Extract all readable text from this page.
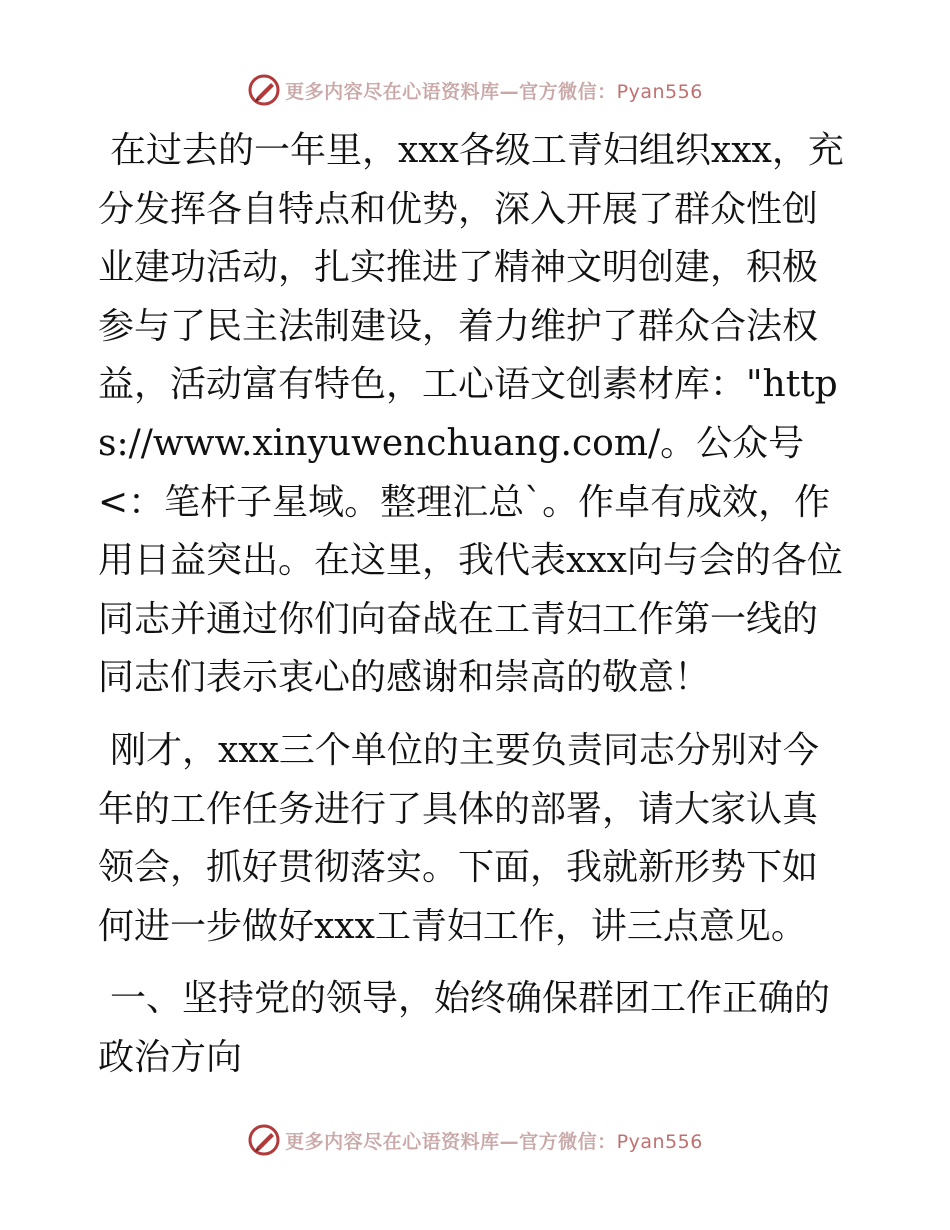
更多内容尽在心语资料库—官方微信：Pyan556

在过去的一年里，xxx各级工青妇组织xxx，充分发挥各自特点和优势，深入开展了群众性创业建功活动，扎实推进了精神文明创建，积极参与了民主法制建设，着力维护了群众合法权益，活动富有特色，工心语文创素材库："https://www.xinyuwenchuang.com/。公众号<：笔杆子星域。整理汇总`。作卓有成效，作用日益突出。在这里，我代表xxx向与会的各位同志并通过你们向奋战在工青妇工作第一线的同志们表示衷心的感谢和崇高的敬意！

刚才，xxx三个单位的主要负责同志分别对今年的工作任务进行了具体的部署，请大家认真领会，抓好贯彻落实。下面，我就新形势下如何进一步做好xxx工青妇工作，讲三点意见。

一、坚持党的领导，始终确保群团工作正确的政治方向

更多内容尽在心语资料库—官方微信：Pyan556
